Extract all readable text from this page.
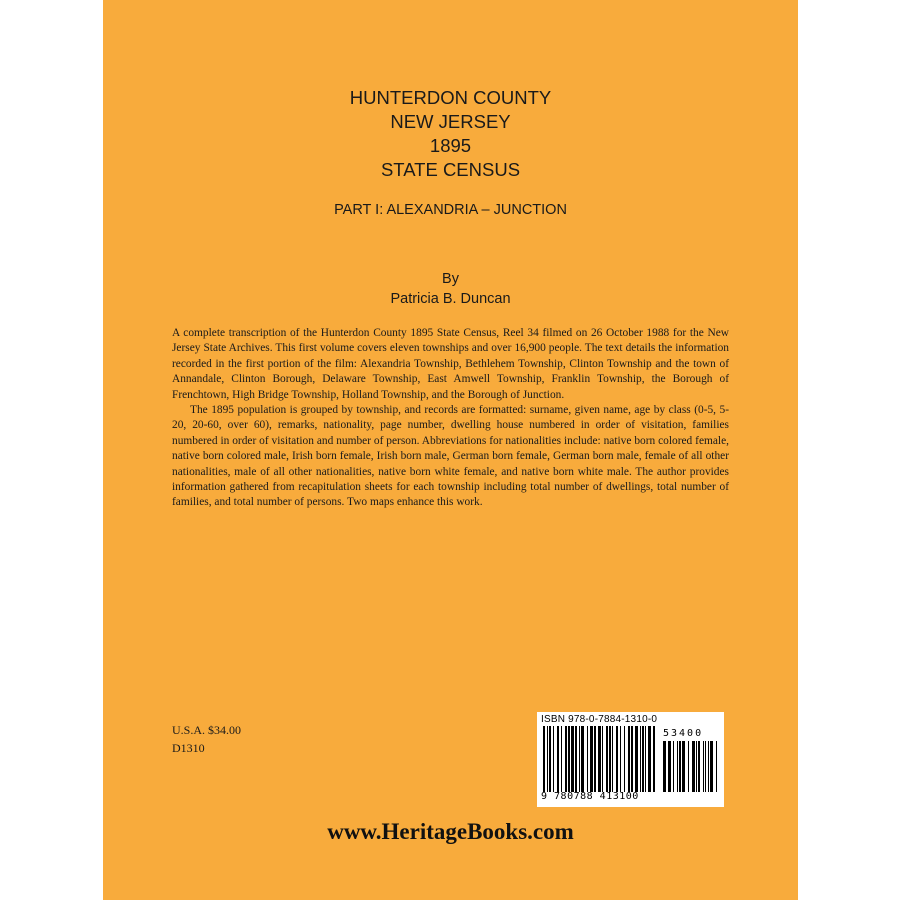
HUNTERDON COUNTY
NEW JERSEY
1895
STATE CENSUS
PART I: ALEXANDRIA – JUNCTION
By
Patricia B. Duncan

A complete transcription of the Hunterdon County 1895 State Census, Reel 34 filmed on 26 October 1988 for the New Jersey State Archives. This first volume covers eleven townships and over 16,900 people. The text details the information recorded in the first portion of the film: Alexandria Township, Bethlehem Township, Clinton Township and the town of Annandale, Clinton Borough, Delaware Township, East Amwell Township, Franklin Township, the Borough of Frenchtown, High Bridge Township, Holland Township, and the Borough of Junction.

The 1895 population is grouped by township, and records are formatted: surname, given name, age by class (0-5, 5-20, 20-60, over 60), remarks, nationality, page number, dwelling house numbered in order of visitation, families numbered in order of visitation and number of person. Abbreviations for nationalities include: native born colored female, native born colored male, Irish born female, Irish born male, German born female, German born male, female of all other nationalities, male of all other nationalities, native born white female, and native born white male. The author provides information gathered from recapitulation sheets for each township including total number of dwellings, total number of families, and total number of persons. Two maps enhance this work.

U.S.A. $34.00
D1310
ISBN 978-0-7884-1310-0
53400
9 780788 413100
www.HeritageBooks.com
